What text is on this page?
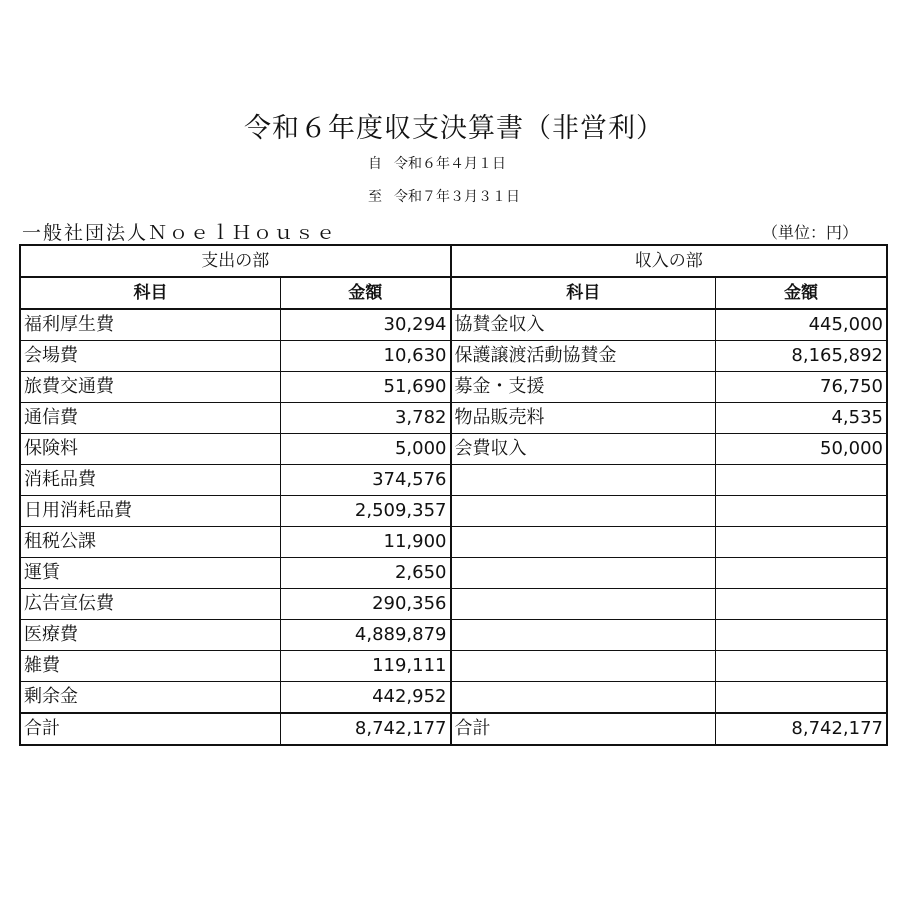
令和６年度収支決算書（非営利）
自 令和６年４月１日
至 令和７年３月３１日
一般社団法人ＮｏｅｌＨｏｕｓｅ	（単位：円）
支出の部		収入の部	
科目	金額	科目	金額
福利厚生費	30,294	協賛金収入	445,000
会場費	10,630	保護譲渡活動協賛金	8,165,892
旅費交通費	51,690	募金・支援	76,750
通信費	3,782	物品販売料	4,535
保険料	5,000	会費収入	50,000
消耗品費	374,576		
日用消耗品費	2,509,357		
租税公課	11,900		
運賃	2,650		
広告宣伝費	290,356		
医療費	4,889,879		
雑費	119,111		
剰余金	442,952		
合計	8,742,177	合計	8,742,177
